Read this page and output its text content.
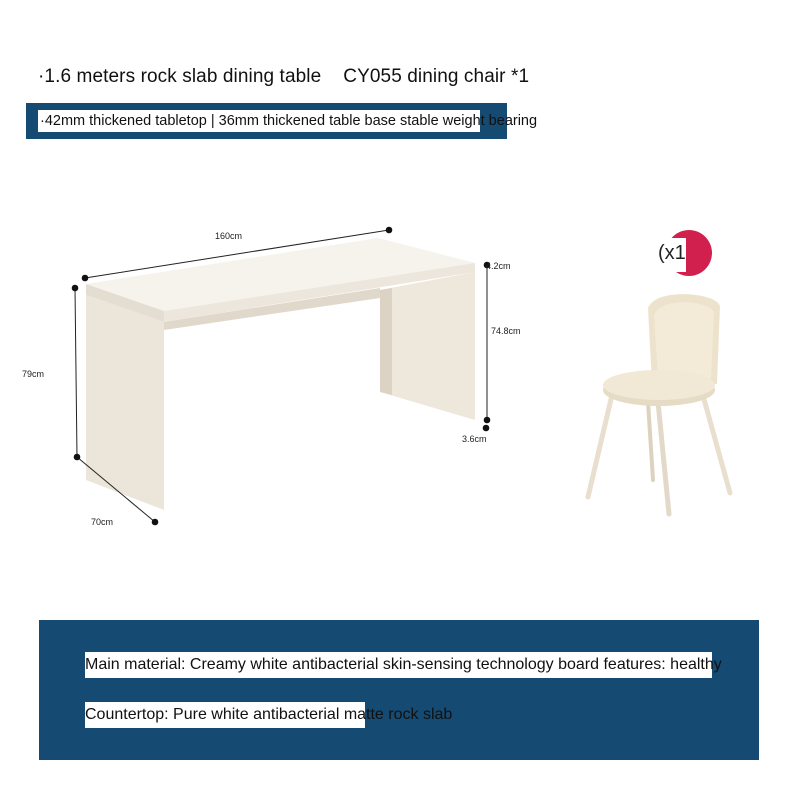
·1.6 meters rock slab dining table CY055 dining chair *1
·42mm thickened tabletop | 36mm thickened table base stable weight bearing
160cm
79cm
74.8cm
4.2cm
3.6cm
70cm
(x1
Main material: Creamy white antibacterial skin-sensing technology board features: healthy
Countertop: Pure white antibacterial matte rock slab
